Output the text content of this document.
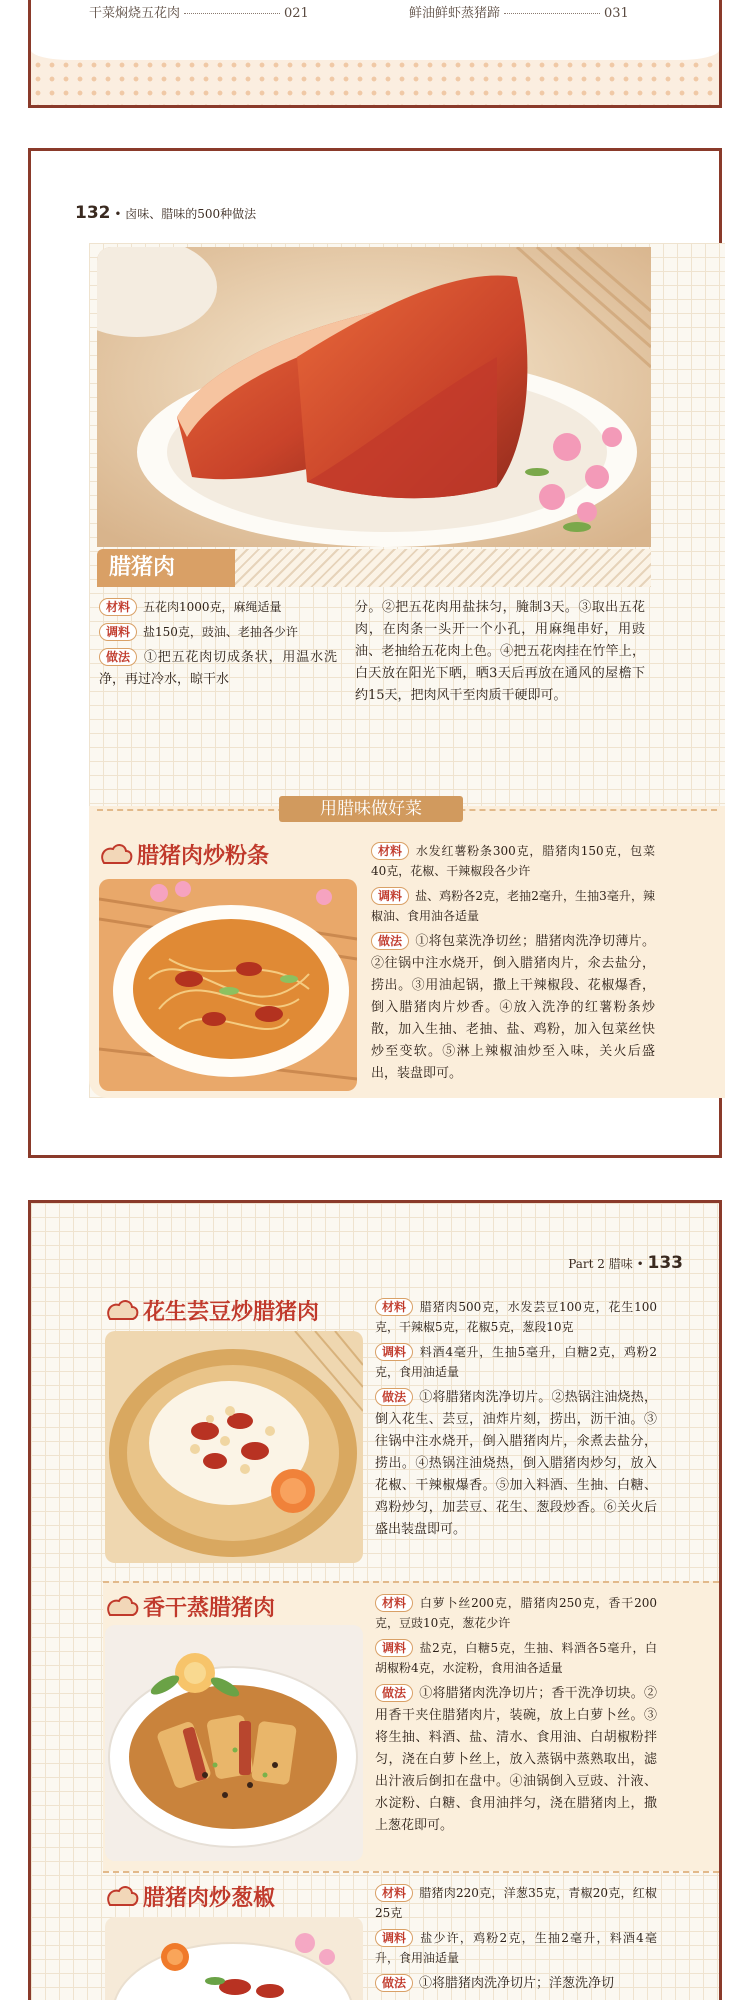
干菜焖烧五花肉	021	鲜油鲜虾蒸猪蹄	031
132 • 卤味、腊味的500种做法
腊猪肉

材料 五花肉1000克，麻绳适量

调料 盐150克，豉油、老抽各少许

做法 ①把五花肉切成条状，用温水洗净，再过冷水，晾干水

分。②把五花肉用盐抹匀，腌制3天。③取出五花肉，在肉条一头开一个小孔，用麻绳串好，用豉油、老抽给五花肉上色。④把五花肉挂在竹竿上，白天放在阳光下晒，晒3天后再放在通风的屋檐下约15天，把肉风干至肉质干硬即可。
用腊味做好菜
腊猪肉炒粉条	材料 水发红薯粉条300克，腊猪肉150克，包菜40克，花椒、干辣椒段各少许

调料 盐、鸡粉各2克，老抽2毫升，生抽3毫升，辣椒油、食用油各适量

做法 ①将包菜洗净切丝；腊猪肉洗净切薄片。②往锅中注水烧开，倒入腊猪肉片，氽去盐分，捞出。③用油起锅，撒上干辣椒段、花椒爆香，倒入腊猪肉片炒香。④放入洗净的红薯粉条炒散，加入生抽、老抽、盐、鸡粉，加入包菜丝快炒至变软。⑤淋上辣椒油炒至入味，关火后盛出，装盘即可。

Part 2 腊味 • 133
花生芸豆炒腊猪肉	材料 腊猪肉500克，水发芸豆100克，花生100克，干辣椒5克，花椒5克，葱段10克

调料 料酒4毫升，生抽5毫升，白糖2克，鸡粉2克，食用油适量

做法 ①将腊猪肉洗净切片。②热锅注油烧热，倒入花生、芸豆，油炸片刻，捞出，沥干油。③往锅中注水烧开，倒入腊猪肉片，氽煮去盐分，捞出。④热锅注油烧热，倒入腊猪肉炒匀，放入花椒、干辣椒爆香。⑤加入料酒、生抽、白糖、鸡粉炒匀，加芸豆、花生、葱段炒香。⑥关火后盛出装盘即可。

香干蒸腊猪肉	材料 白萝卜丝200克，腊猪肉250克，香干200克，豆豉10克，葱花少许

调料 盐2克，白糖5克，生抽、料酒各5毫升，白胡椒粉4克，水淀粉，食用油各适量

做法 ①将腊猪肉洗净切片；香干洗净切块。②用香干夹住腊猪肉片，装碗，放上白萝卜丝。③将生抽、料酒、盐、清水、食用油、白胡椒粉拌匀，浇在白萝卜丝上，放入蒸锅中蒸熟取出，滤出汁液后倒扣在盘中。④油锅倒入豆豉、汁液、水淀粉、白糖、食用油拌匀，浇在腊猪肉上，撒上葱花即可。

腊猪肉炒葱椒	材料 腊猪肉220克，洋葱35克，青椒20克，红椒25克

调料 盐少许，鸡粉2克，生抽2毫升，料酒4毫升，食用油适量

做法 ①将腊猪肉洗净切片；洋葱洗净切
